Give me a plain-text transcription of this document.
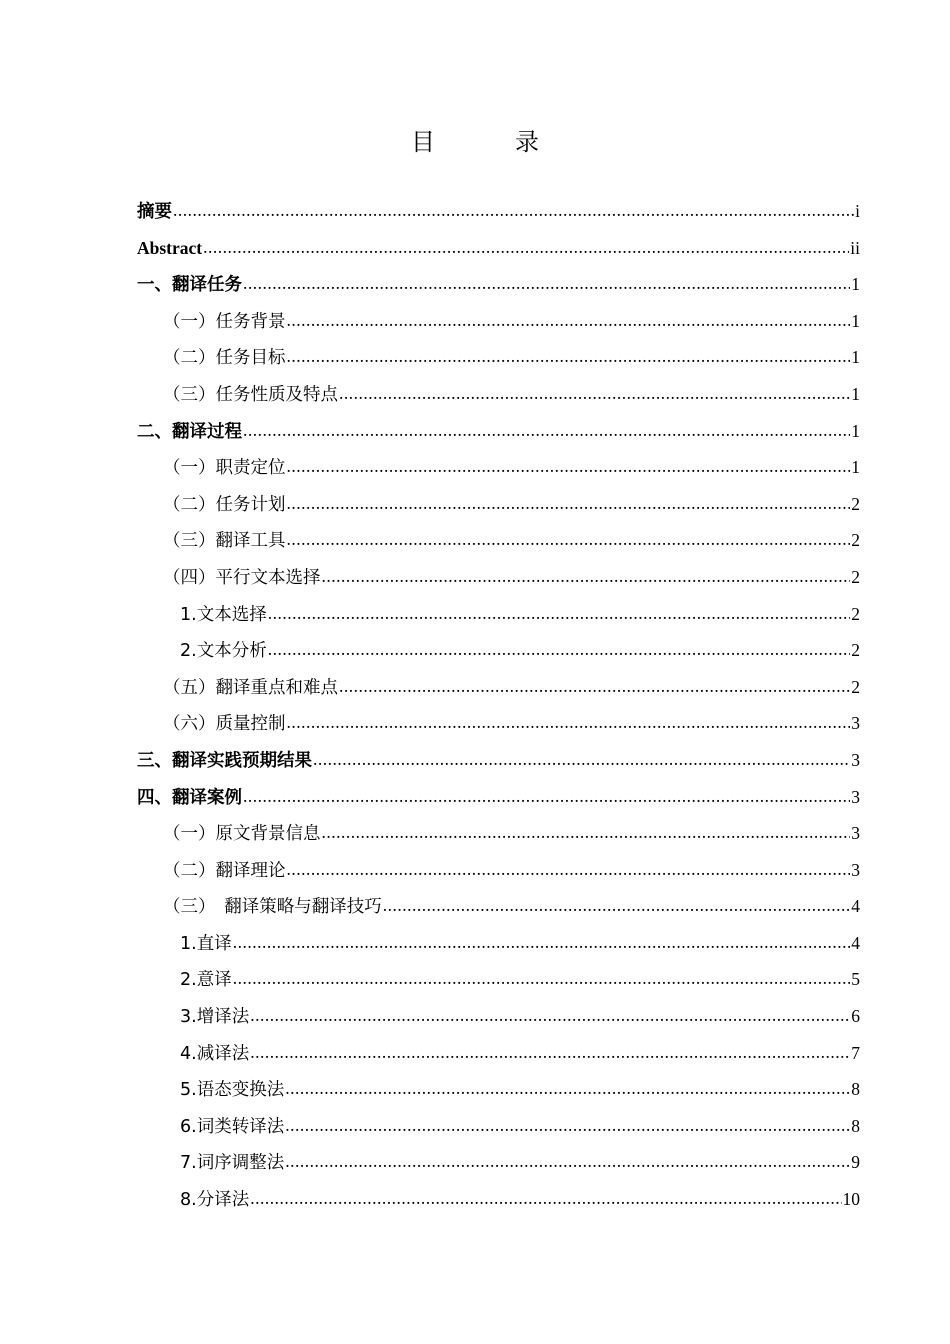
目　录
摘要 .....	i
Abstract .....	ii
一、翻译任务 .....	1
（一）任务背景 .....	1
（二）任务目标 .....	1
（三）任务性质及特点 .....	1
二、翻译过程 .....	1
（一）职责定位 .....	1
（二）任务计划 .....	2
（三）翻译工具 .....	2
（四）平行文本选择 .....	2
1.文本选择 .....	2
2.文本分析 .....	2
（五）翻译重点和难点 .....	2
（六）质量控制 .....	3
三、翻译实践预期结果 .....	3
四、翻译案例 .....	3
（一）原文背景信息 .....	3
（二）翻译理论 .....	3
（三）　翻译策略与翻译技巧 .....	4
1.直译 .....	4
2.意译 .....	5
3.增译法 .....	6
4.减译法 .....	7
5.语态变换法 .....	8
6.词类转译法 .....	8
7.词序调整法 .....	9
8.分译法 .....	10
